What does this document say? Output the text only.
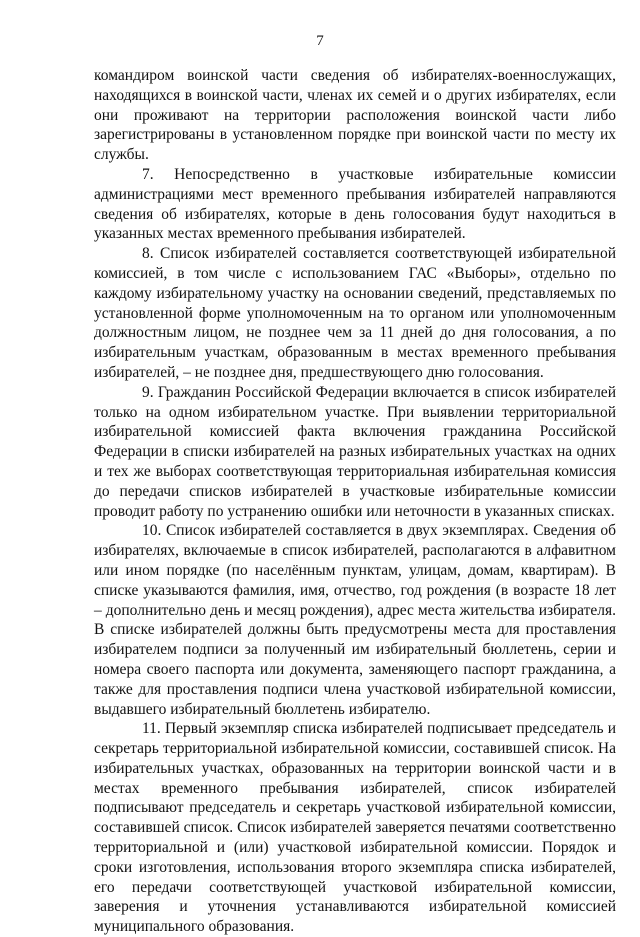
7

командиром воинской части сведения об избирателях-военнослужащих, находящихся в воинской части, членах их семей и о других избирателях, если они проживают на территории расположения воинской части либо зарегистрированы в установленном порядке при воинской части по месту их службы.

7. Непосредственно в участковые избирательные комиссии администрациями мест временного пребывания избирателей направляются сведения об избирателях, которые в день голосования будут находиться в указанных местах временного пребывания избирателей.

8. Список избирателей составляется соответствующей избирательной комиссией, в том числе с использованием ГАС «Выборы», отдельно по каждому избирательному участку на основании сведений, представляемых по установленной форме уполномоченным на то органом или уполномоченным должностным лицом, не позднее чем за 11 дней до дня голосования, а по избирательным участкам, образованным в местах временного пребывания избирателей, – не позднее дня, предшествующего дню голосования.

9. Гражданин Российской Федерации включается в список избирателей только на одном избирательном участке. При выявлении территориальной избирательной комиссией факта включения гражданина Российской Федерации в списки избирателей на разных избирательных участках на одних и тех же выборах соответствующая территориальная избирательная комиссия до передачи списков избирателей в участковые избирательные комиссии проводит работу по устранению ошибки или неточности в указанных списках.

10. Список избирателей составляется в двух экземплярах. Сведения об избирателях, включаемые в список избирателей, располагаются в алфавитном или ином порядке (по населённым пунктам, улицам, домам, квартирам). В списке указываются фамилия, имя, отчество, год рождения (в возрасте 18 лет – дополнительно день и месяц рождения), адрес места жительства избирателя. В списке избирателей должны быть предусмотрены места для проставления избирателем подписи за полученный им избирательный бюллетень, серии и номера своего паспорта или документа, заменяющего паспорт гражданина, а также для проставления подписи члена участковой избирательной комиссии, выдавшего избирательный бюллетень избирателю.

11. Первый экземпляр списка избирателей подписывает председатель и секретарь территориальной избирательной комиссии, составившей список. На избирательных участках, образованных на территории воинской части и в местах временного пребывания избирателей, список избирателей подписывают председатель и секретарь участковой избирательной комиссии, составившей список. Список избирателей заверяется печатями соответственно территориальной и (или) участковой избирательной комиссии. Порядок и сроки изготовления, использования второго экземпляра списка избирателей, его передачи соответствующей участковой избирательной комиссии, заверения и уточнения устанавливаются избирательной комиссией муниципального образования.
